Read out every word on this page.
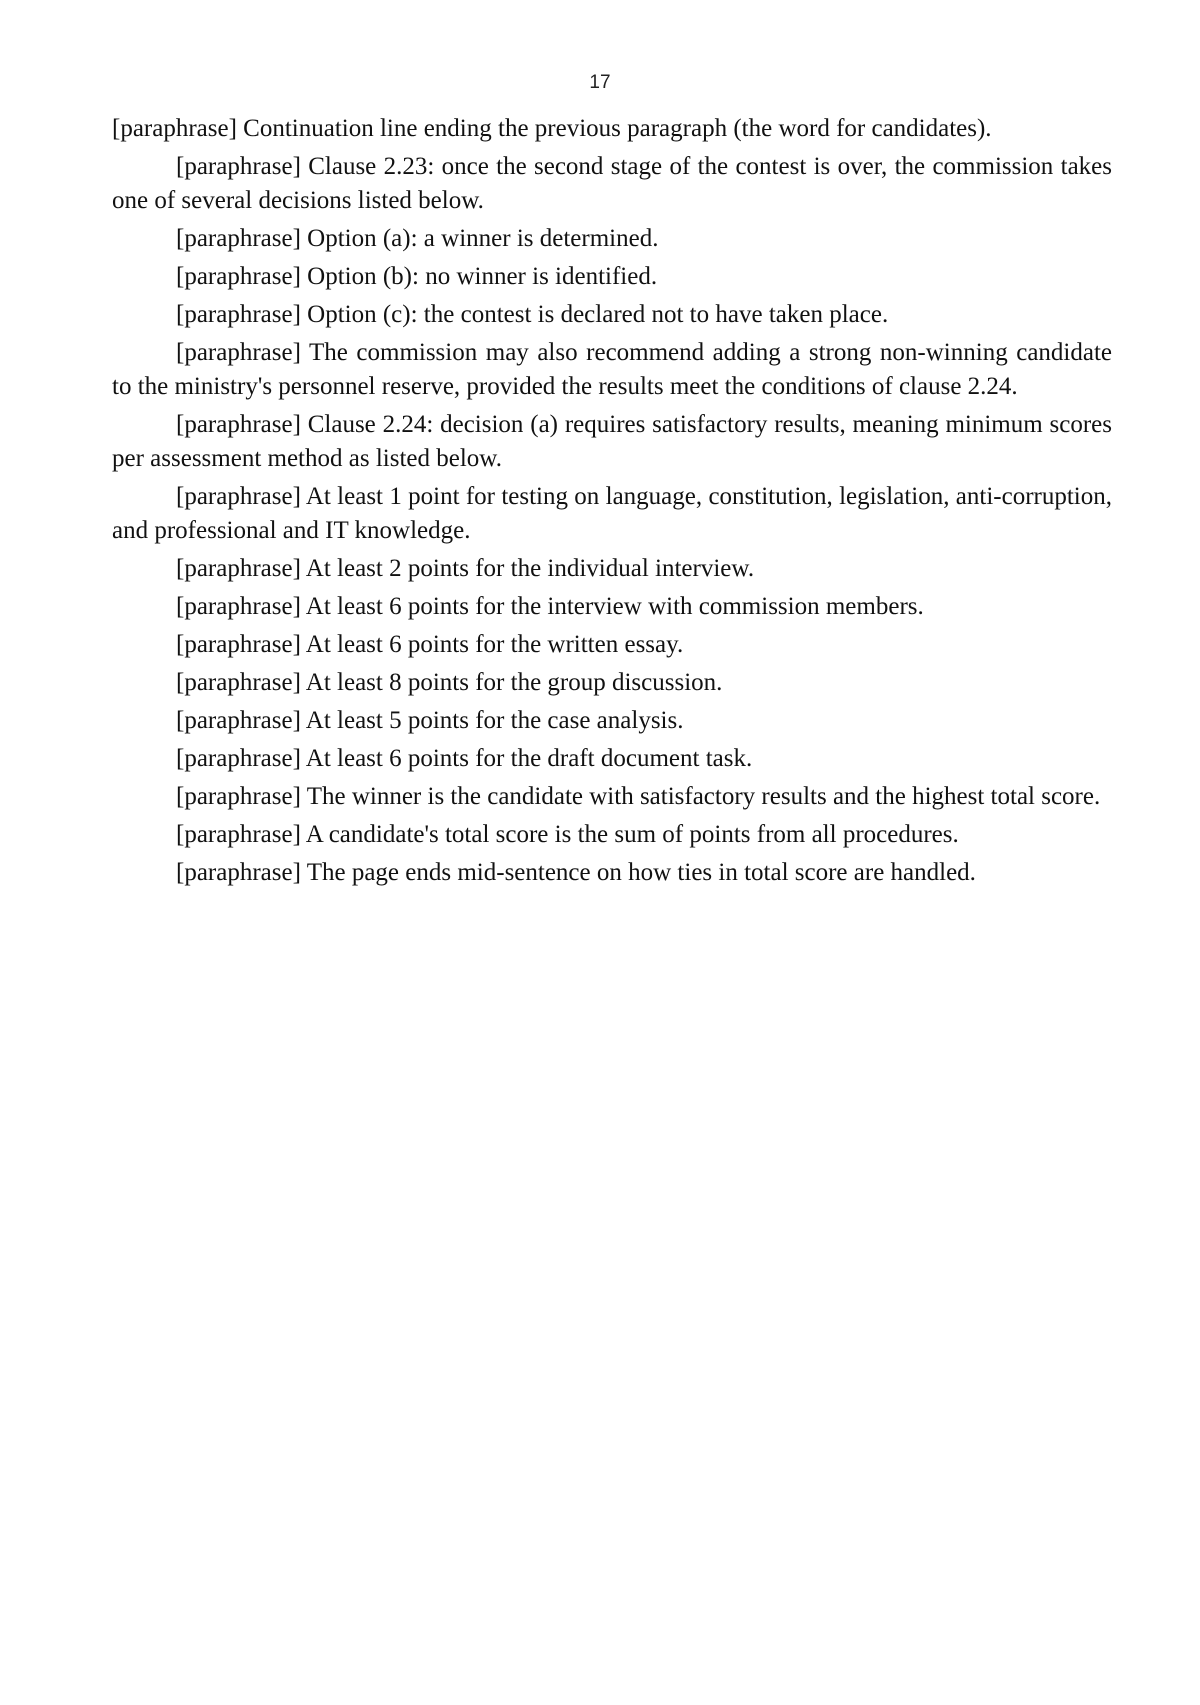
17

[paraphrase] Continuation line ending the previous paragraph (the word for candidates).

[paraphrase] Clause 2.23: once the second stage of the contest is over, the commission takes one of several decisions listed below.

[paraphrase] Option (a): a winner is determined.

[paraphrase] Option (b): no winner is identified.

[paraphrase] Option (c): the contest is declared not to have taken place.

[paraphrase] The commission may also recommend adding a strong non-winning candidate to the ministry's personnel reserve, provided the results meet the conditions of clause 2.24.

[paraphrase] Clause 2.24: decision (a) requires satisfactory results, meaning minimum scores per assessment method as listed below.

[paraphrase] At least 1 point for testing on language, constitution, legislation, anti-corruption, and professional and IT knowledge.

[paraphrase] At least 2 points for the individual interview.

[paraphrase] At least 6 points for the interview with commission members.

[paraphrase] At least 6 points for the written essay.

[paraphrase] At least 8 points for the group discussion.

[paraphrase] At least 5 points for the case analysis.

[paraphrase] At least 6 points for the draft document task.

[paraphrase] The winner is the candidate with satisfactory results and the highest total score.

[paraphrase] A candidate's total score is the sum of points from all procedures.

[paraphrase] The page ends mid-sentence on how ties in total score are handled.
